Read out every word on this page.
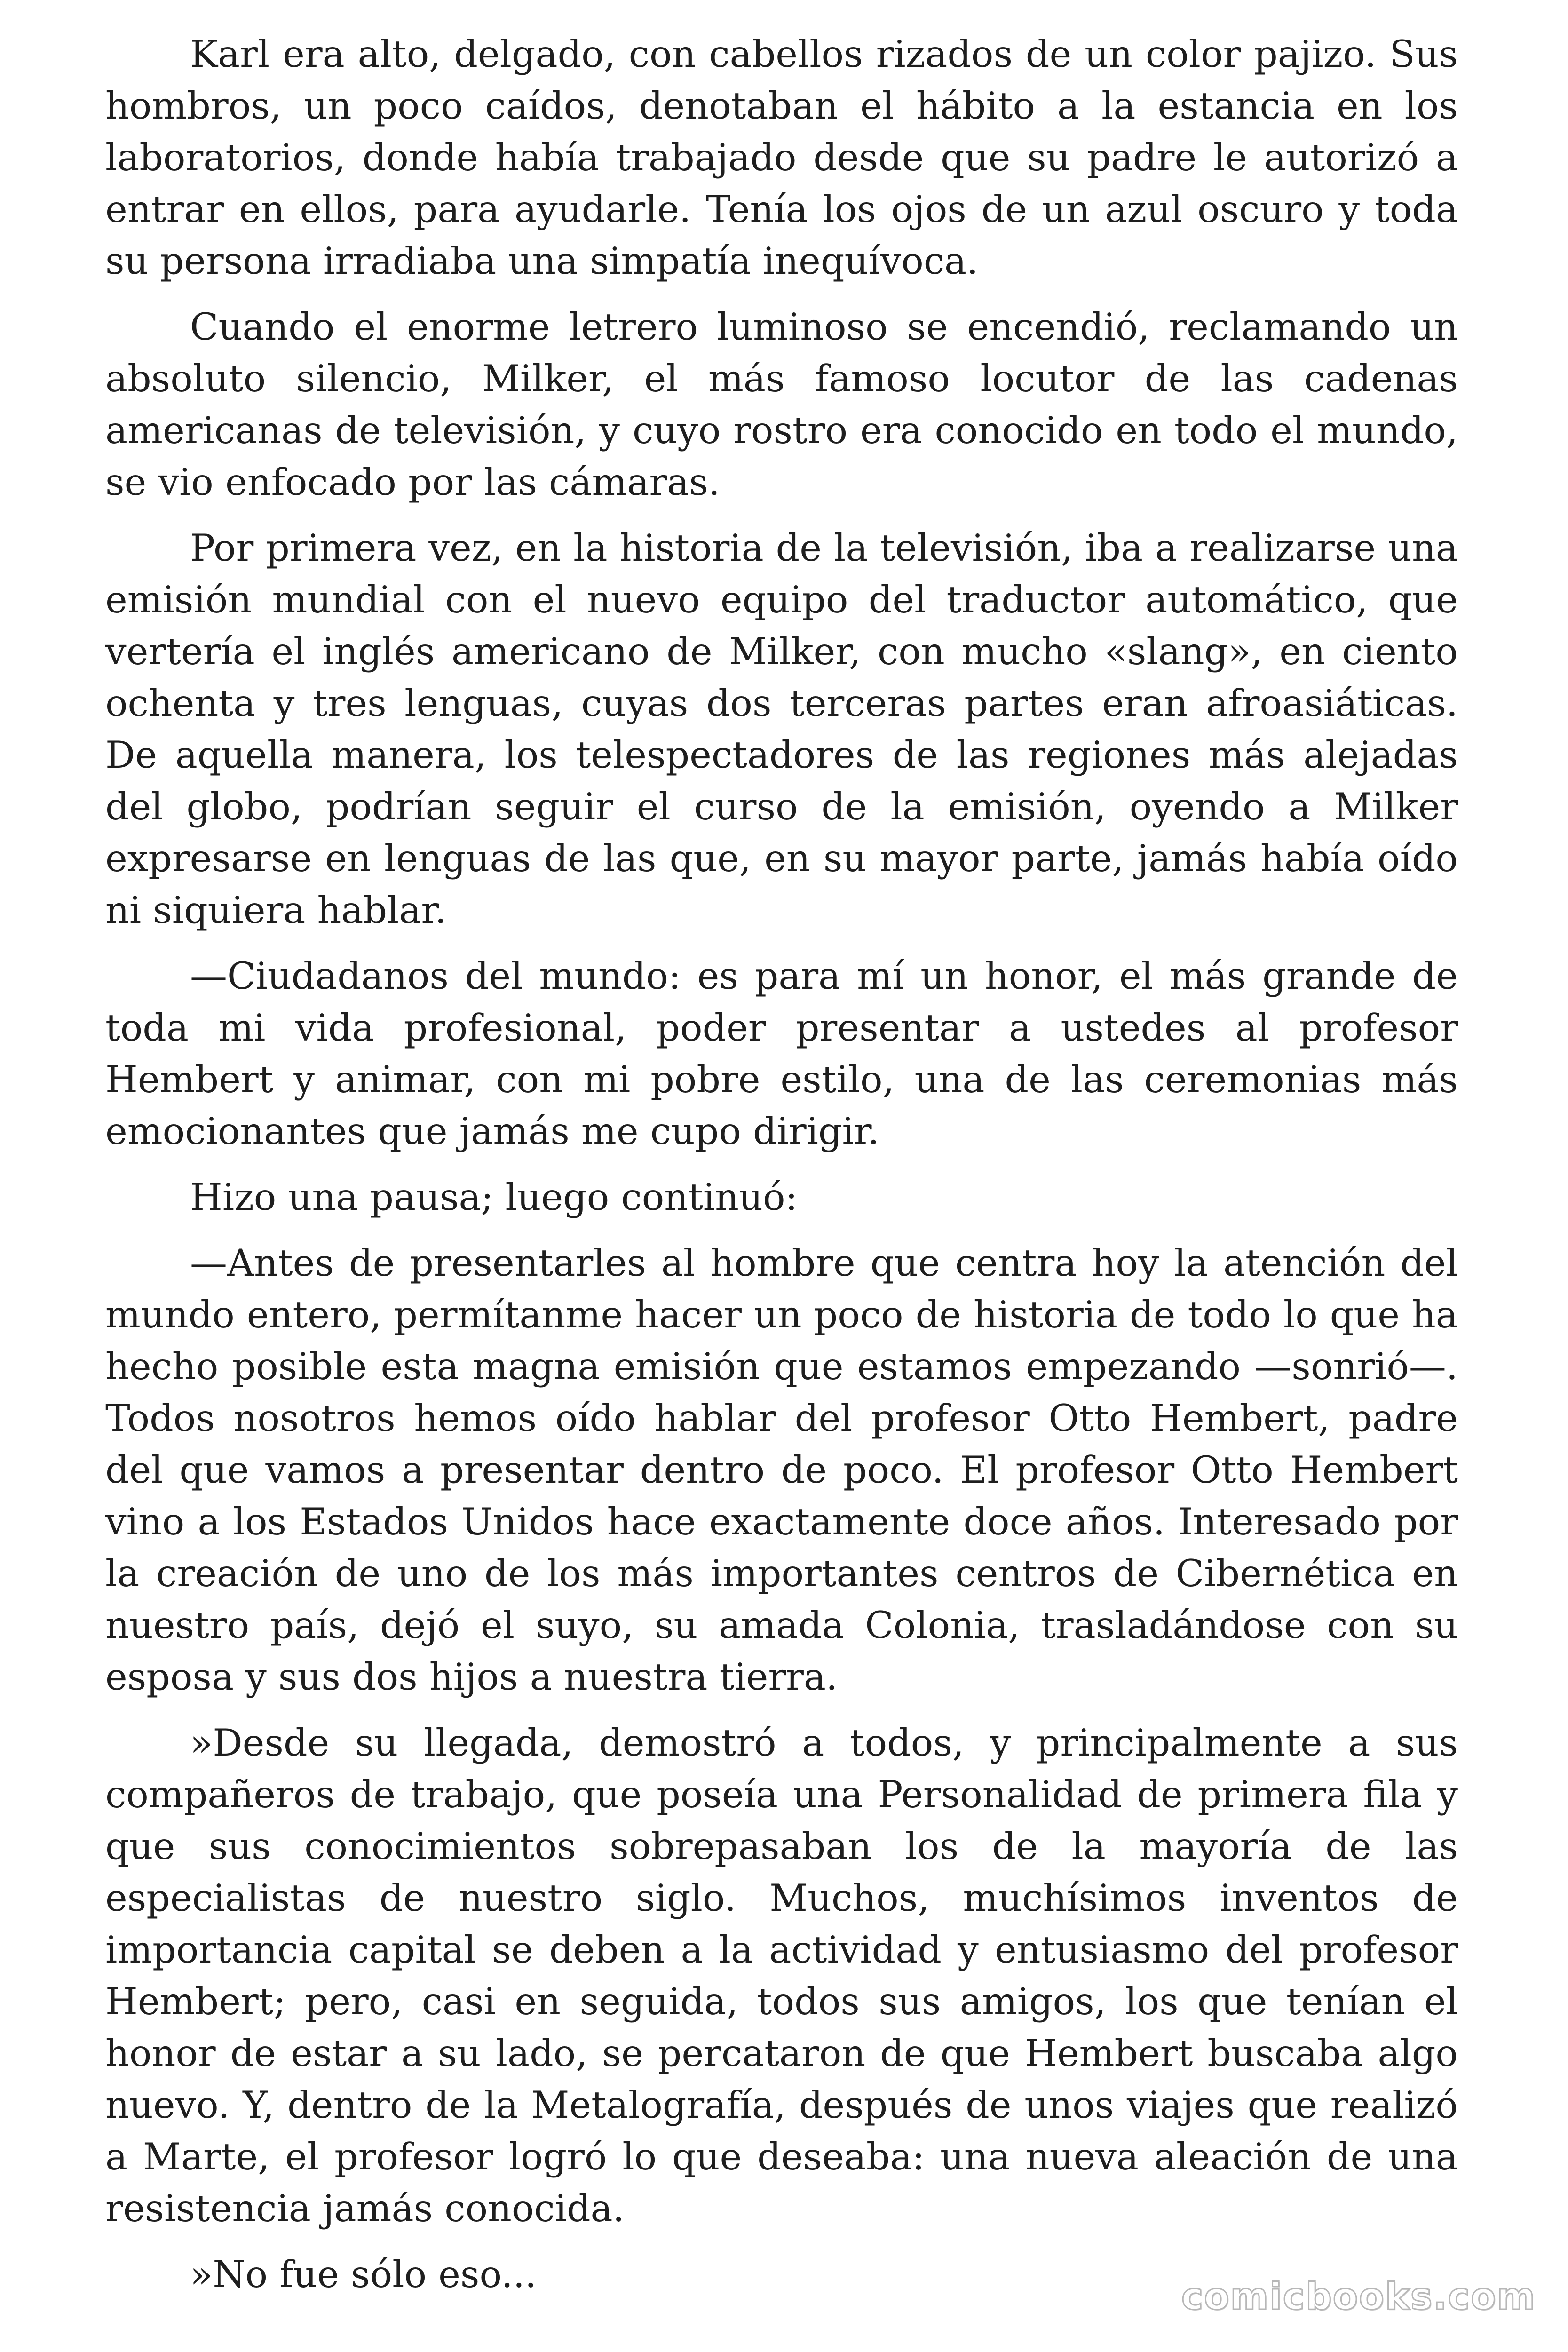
Karl era alto, delgado, con cabellos rizados de un color pajizo. Sus hombros, un poco caídos, denotaban el hábito a la estancia en los laboratorios, donde había trabajado desde que su padre le autorizó a entrar en ellos, para ayudarle. Tenía los ojos de un azul oscuro y toda su persona irradiaba una simpatía inequívoca.

Cuando el enorme letrero luminoso se encendió, reclamando un absoluto silencio, Milker, el más famoso locutor de las cadenas americanas de televisión, y cuyo rostro era conocido en todo el mundo, se vio enfocado por las cámaras.

Por primera vez, en la historia de la televisión, iba a realizarse una emisión mundial con el nuevo equipo del traductor automático, que vertería el inglés americano de Milker, con mucho «slang», en ciento ochenta y tres lenguas, cuyas dos terceras partes eran afroasiáticas. De aquella manera, los telespectadores de las regiones más alejadas del globo, podrían seguir el curso de la emisión, oyendo a Milker expresarse en lenguas de las que, en su mayor parte, jamás había oído ni siquiera hablar.

—Ciudadanos del mundo: es para mí un honor, el más grande de toda mi vida profesional, poder presentar a ustedes al profesor Hembert y animar, con mi pobre estilo, una de las ceremonias más emocionantes que jamás me cupo dirigir.

Hizo una pausa; luego continuó:

—Antes de presentarles al hombre que centra hoy la atención del mundo entero, permítanme hacer un poco de historia de todo lo que ha hecho posible esta magna emisión que estamos empezando —sonrió—. Todos nosotros hemos oído hablar del profesor Otto Hembert, padre del que vamos a presentar dentro de poco. El profesor Otto Hembert vino a los Estados Unidos hace exactamente doce años. Interesado por la creación de uno de los más importantes centros de Cibernética en nuestro país, dejó el suyo, su amada Colonia, trasladándose con su esposa y sus dos hijos a nuestra tierra.

»Desde su llegada, demostró a todos, y principalmente a sus compañeros de trabajo, que poseía una Personalidad de primera fila y que sus conocimientos sobrepasaban los de la mayoría de las especialistas de nuestro siglo. Muchos, muchísimos inventos de importancia capital se deben a la actividad y entusiasmo del profesor Hembert; pero, casi en seguida, todos sus amigos, los que tenían el honor de estar a su lado, se percataron de que Hembert buscaba algo nuevo. Y, dentro de la Metalografía, después de unos viajes que realizó a Marte, el profesor logró lo que deseaba: una nueva aleación de una resistencia jamás conocida.

»No fue sólo eso...

comicbooks.com
